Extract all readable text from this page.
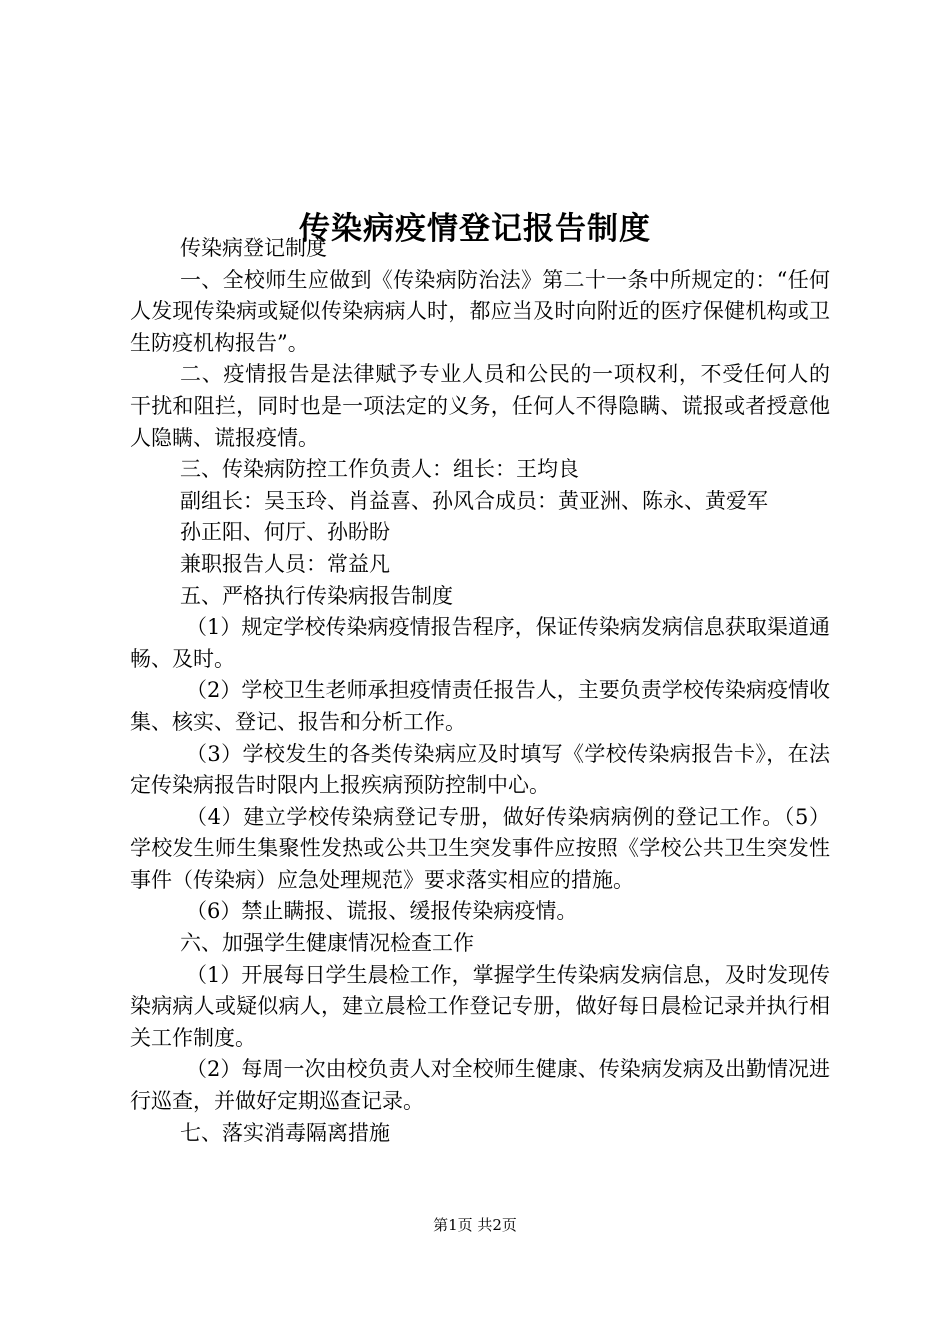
传染病疫情登记报告制度

传染病登记制度

一、全校师生应做到《传染病防治法》第二十一条中所规定的：“任何人发现传染病或疑似传染病病人时，都应当及时向附近的医疗保健机构或卫生防疫机构报告”。

二、疫情报告是法律赋予专业人员和公民的一项权利，不受任何人的干扰和阻拦，同时也是一项法定的义务，任何人不得隐瞒、谎报或者授意他人隐瞒、谎报疫情。

三、传染病防控工作负责人：组长：王均良

副组长：吴玉玲、肖益喜、孙风合成员：黄亚洲、陈永、黄爱军

孙正阳、何厅、孙盼盼

兼职报告人员：常益凡

五、严格执行传染病报告制度

（1）规定学校传染病疫情报告程序，保证传染病发病信息获取渠道通畅、及时。

（2）学校卫生老师承担疫情责任报告人，主要负责学校传染病疫情收集、核实、登记、报告和分析工作。

（3）学校发生的各类传染病应及时填写《学校传染病报告卡》，在法定传染病报告时限内上报疾病预防控制中心。

（4）建立学校传染病登记专册，做好传染病病例的登记工作。（5）学校发生师生集聚性发热或公共卫生突发事件应按照《学校公共卫生突发性事件（传染病）应急处理规范》要求落实相应的措施。

（6）禁止瞒报、谎报、缓报传染病疫情。

六、加强学生健康情况检查工作

（1）开展每日学生晨检工作，掌握学生传染病发病信息，及时发现传染病病人或疑似病人，建立晨检工作登记专册，做好每日晨检记录并执行相关工作制度。

（2）每周一次由校负责人对全校师生健康、传染病发病及出勤情况进行巡查，并做好定期巡查记录。

七、落实消毒隔离措施

第1页 共2页
